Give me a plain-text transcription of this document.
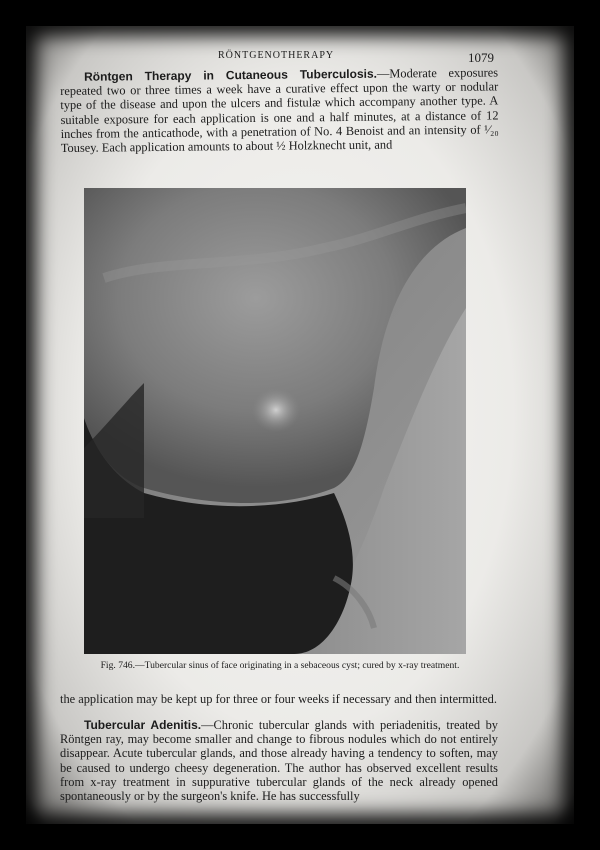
RÖNTGENOTHERAPY	1079

Röntgen Therapy in Cutaneous Tuberculosis.—Moderate exposures repeated two or three times a week have a curative effect upon the warty or nodular type of the disease and upon the ulcers and fistulæ which accompany another type. A suitable exposure for each application is one and a half minutes, at a distance of 12 inches from the anticathode, with a penetration of No. 4 Benoist and an intensity of ¹⁄₂₀ Tousey. Each application amounts to about ½ Holzknecht unit, and

Fig. 746.—Tubercular sinus of face originating in a sebaceous cyst; cured by x-ray treatment.

the application may be kept up for three or four weeks if necessary and then intermitted.

Tubercular Adenitis.—Chronic tubercular glands with periadenitis, treated by Röntgen ray, may become smaller and change to fibrous nodules which do not entirely disappear. Acute tubercular glands, and those already having a tendency to soften, may be caused to undergo cheesy degeneration. The author has observed excellent results from x-ray treatment in suppurative tubercular glands of the neck already opened spontaneously or by the surgeon's knife. He has successfully
